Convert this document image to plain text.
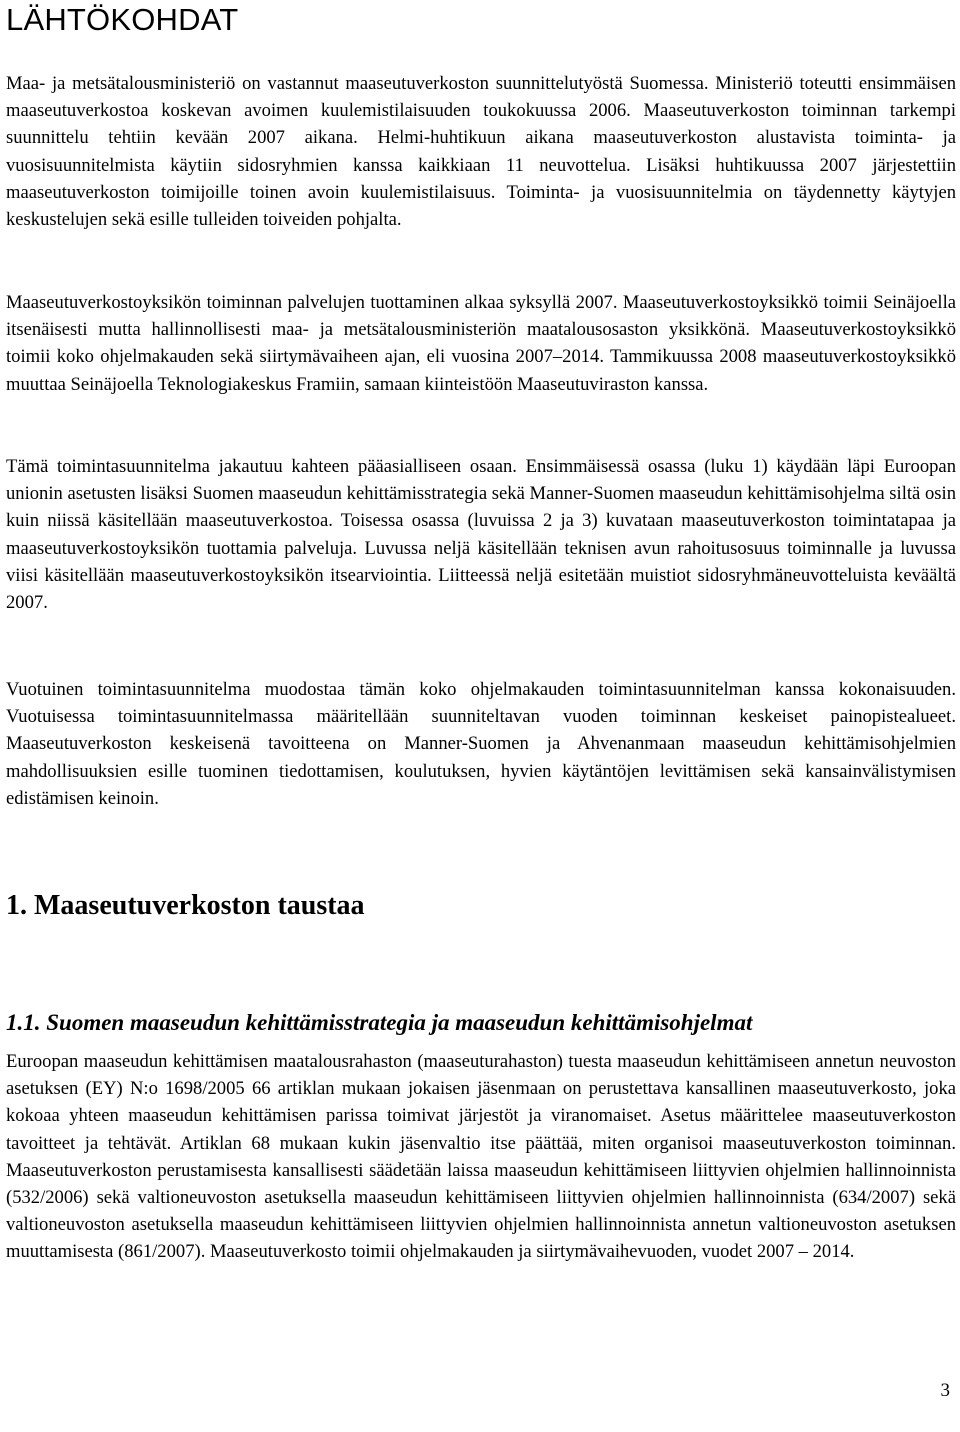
LÄHTÖKOHDAT

Maa- ja metsätalousministeriö on vastannut maaseutuverkoston suunnittelutyöstä Suomessa. Ministeriö toteutti ensimmäisen maaseutuverkostoa koskevan avoimen kuulemistilaisuuden toukokuussa 2006. Maaseutuverkoston toiminnan tarkempi suunnittelu tehtiin kevään 2007 aikana. Helmi-huhtikuun aikana maaseutuverkoston alustavista toiminta- ja vuosisuunnitelmista käytiin sidosryhmien kanssa kaikkiaan 11 neuvottelua. Lisäksi huhtikuussa 2007 järjestettiin maaseutuverkoston toimijoille toinen avoin kuulemistilaisuus. Toiminta- ja vuosisuunnitelmia on täydennetty käytyjen keskustelujen sekä esille tulleiden toiveiden pohjalta.

Maaseutuverkostoyksikön toiminnan palvelujen tuottaminen alkaa syksyllä 2007. Maaseutuverkostoyksikkö toimii Seinäjoella itsenäisesti mutta hallinnollisesti maa- ja metsätalousministeriön maatalousosaston yksikkönä. Maaseutuverkostoyksikkö toimii koko ohjelmakauden sekä siirtymävaiheen ajan, eli vuosina 2007–2014. Tammikuussa 2008 maaseutuverkostoyksikkö muuttaa Seinäjoella Teknologiakeskus Framiin, samaan kiinteistöön Maaseutuviraston kanssa.

Tämä toimintasuunnitelma jakautuu kahteen pääasialliseen osaan. Ensimmäisessä osassa (luku 1) käydään läpi Euroopan unionin asetusten lisäksi Suomen maaseudun kehittämisstrategia sekä Manner-Suomen maaseudun kehittämisohjelma siltä osin kuin niissä käsitellään maaseutuverkostoa. Toisessa osassa (luvuissa 2 ja 3) kuvataan maaseutuverkoston toimintatapaa ja maaseutuverkostoyksikön tuottamia palveluja. Luvussa neljä käsitellään teknisen avun rahoitusosuus toiminnalle ja luvussa viisi käsitellään maaseutuverkostoyksikön itsearviointia. Liitteessä neljä esitetään muistiot sidosryhmäneuvotteluista keväältä 2007.

Vuotuinen toimintasuunnitelma muodostaa tämän koko ohjelmakauden toimintasuunnitelman kanssa kokonaisuuden. Vuotuisessa toimintasuunnitelmassa määritellään suunniteltavan vuoden toiminnan keskeiset painopistealueet. Maaseutuverkoston keskeisenä tavoitteena on Manner-Suomen ja Ahvenanmaan maaseudun kehittämisohjelmien mahdollisuuksien esille tuominen tiedottamisen, koulutuksen, hyvien käytäntöjen levittämisen sekä kansainvälistymisen edistämisen keinoin.

1. Maaseutuverkoston taustaa
1.1. Suomen maaseudun kehittämisstrategia ja maaseudun kehittämisohjelmat

Euroopan maaseudun kehittämisen maatalousrahaston (maaseuturahaston) tuesta maaseudun kehittämiseen annetun neuvoston asetuksen (EY) N:o 1698/2005 66 artiklan mukaan jokaisen jäsenmaan on perustettava kansallinen maaseutuverkosto, joka kokoaa yhteen maaseudun kehittämisen parissa toimivat järjestöt ja viranomaiset. Asetus määrittelee maaseutuverkoston tavoitteet ja tehtävät. Artiklan 68 mukaan kukin jäsenvaltio itse päättää, miten organisoi maaseutuverkoston toiminnan. Maaseutuverkoston perustamisesta kansallisesti säädetään laissa maaseudun kehittämiseen liittyvien ohjelmien hallinnoinnista (532/2006) sekä valtioneuvoston asetuksella maaseudun kehittämiseen liittyvien ohjelmien hallinnoinnista (634/2007) sekä valtioneuvoston asetuksella maaseudun kehittämiseen liittyvien ohjelmien hallinnoinnista annetun valtioneuvoston asetuksen muuttamisesta (861/2007). Maaseutuverkosto toimii ohjelmakauden ja siirtymävaihevuoden, vuodet 2007 – 2014.

3
